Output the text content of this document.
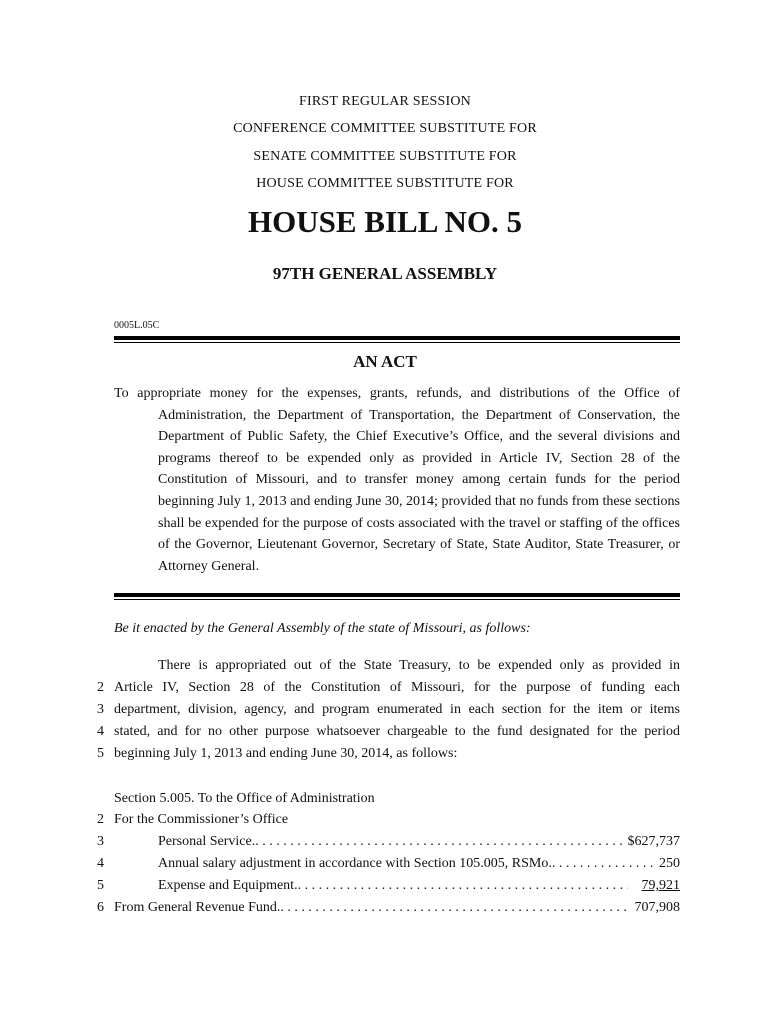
FIRST REGULAR SESSION
CONFERENCE COMMITTEE SUBSTITUTE FOR
SENATE COMMITTEE SUBSTITUTE FOR
HOUSE COMMITTEE SUBSTITUTE FOR
HOUSE BILL NO. 5
97TH GENERAL ASSEMBLY
0005L.05C
AN ACT
To appropriate money for the expenses, grants, refunds, and distributions of the Office of Administration, the Department of Transportation, the Department of Conservation, the Department of Public Safety, the Chief Executive’s Office, and the several divisions and programs thereof to be expended only as provided in Article IV, Section 28 of the Constitution of Missouri, and to transfer money among certain funds for the period beginning July 1, 2013 and ending June 30, 2014; provided that no funds from these sections shall be expended for the purpose of costs associated with the travel or staffing of the offices of the Governor, Lieutenant Governor, Secretary of State, State Auditor, State Treasurer, or Attorney General.
Be it enacted by the General Assembly of the state of Missouri, as follows:
There is appropriated out of the State Treasury, to be expended only as provided in
2 Article IV, Section 28 of the Constitution of Missouri, for the purpose of funding each
3 department, division, agency, and program enumerated in each section for the item or items
4 stated, and for no other purpose whatsoever chargeable to the fund designated for the period
5 beginning July 1, 2013 and ending June 30, 2014, as follows:
Section 5.005. To the Office of Administration
2 For the Commissioner’s Office
3	Personal Service. . . .	$627,737
4	Annual salary adjustment in accordance with Section 105.005, RSMo. . . .	250
5	Expense and Equipment. . . .	79,921
6 From General Revenue Fund. . . .	707,908
